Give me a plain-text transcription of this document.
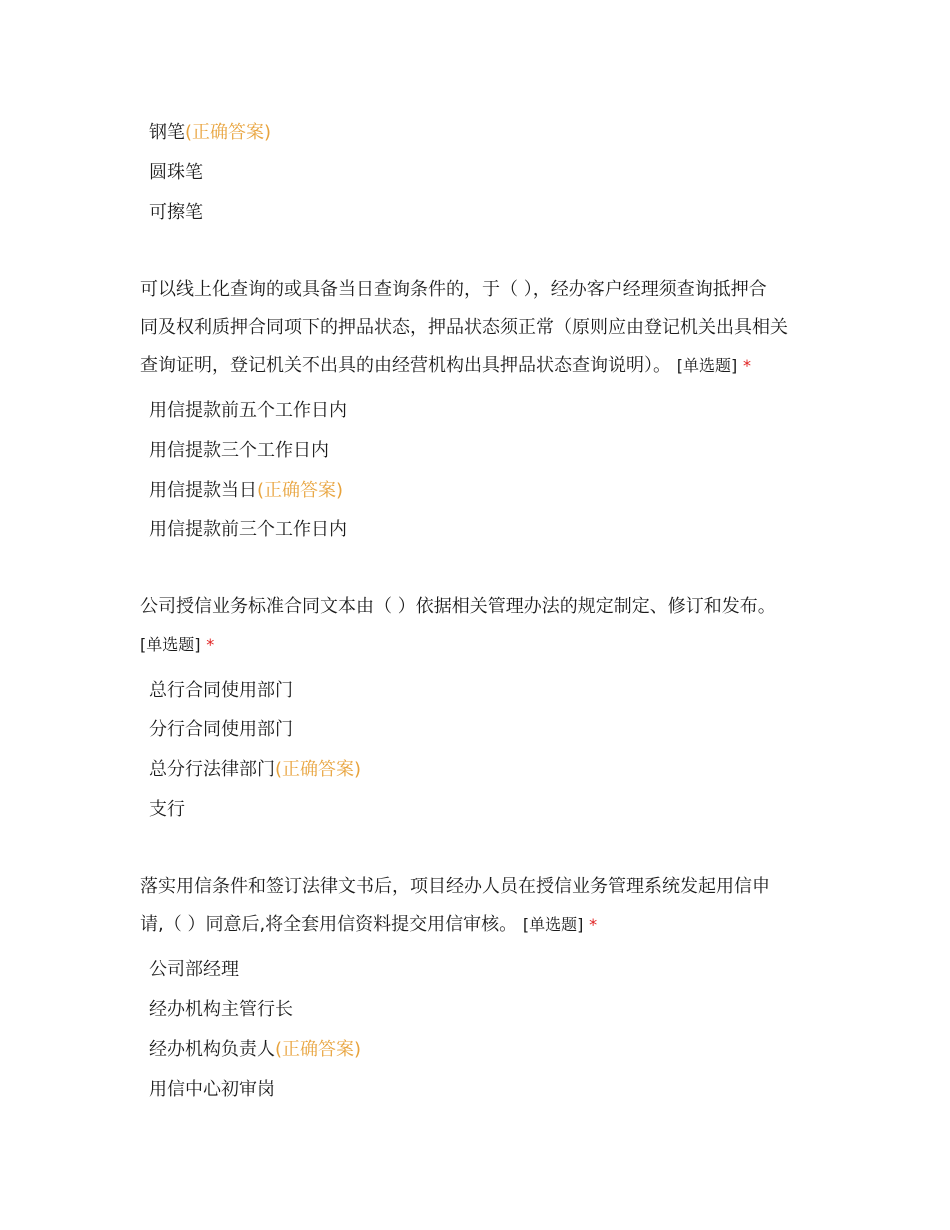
钢笔(正确答案)
圆珠笔
可擦笔
可以线上化查询的或具备当日查询条件的，于（ ），经办客户经理须查询抵押合
同及权利质押合同项下的押品状态，押品状态须正常（原则应由登记机关出具相关
查询证明，登记机关不出具的由经营机构出具押品状态查询说明）。 [单选题] *
用信提款前五个工作日内
用信提款三个工作日内
用信提款当日(正确答案)
用信提款前三个工作日内
公司授信业务标准合同文本由（ ）依据相关管理办法的规定制定、修订和发布。
[单选题] *
总行合同使用部门
分行合同使用部门
总分行法律部门(正确答案)
支行
落实用信条件和签订法律文书后，项目经办人员在授信业务管理系统发起用信申
请,（ ）同意后,将全套用信资料提交用信审核。 [单选题] *
公司部经理
经办机构主管行长
经办机构负责人(正确答案)
用信中心初审岗
